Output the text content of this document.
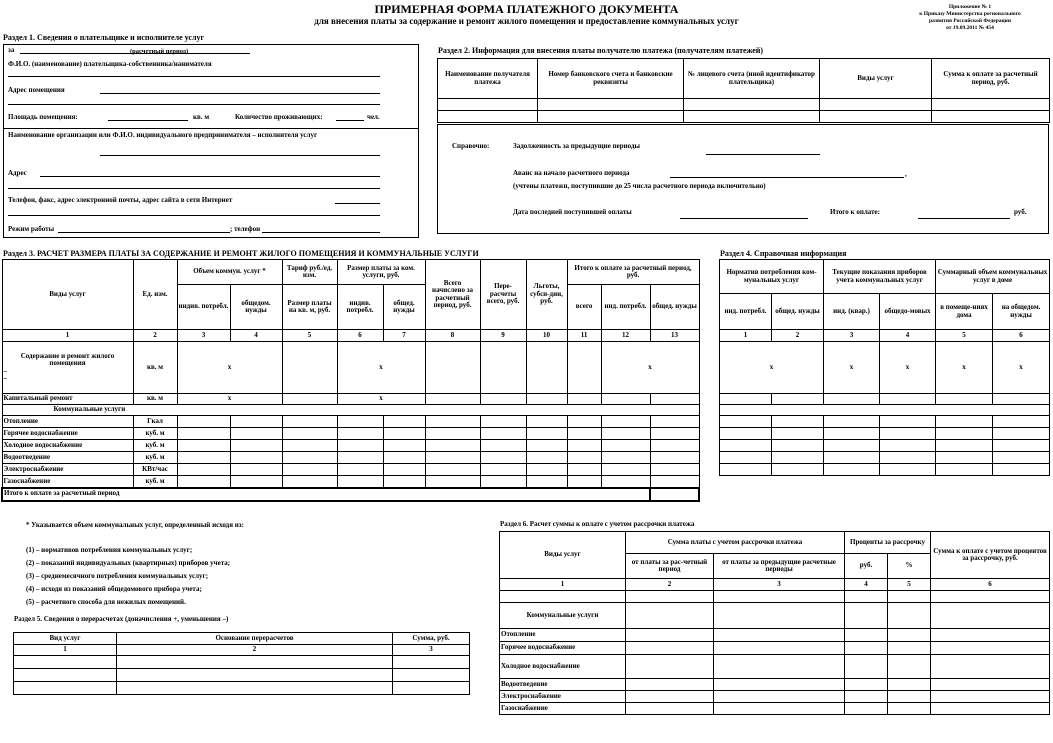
ПРИМЕРНАЯ ФОРМА ПЛАТЕЖНОГО ДОКУМЕНТА
для внесения платы за содержание и ремонт жилого помещения и предоставление коммунальных услуг
Приложение № 1
к Приказу Министерства регионального
развития Российской Федерации
от 19.09.2011 № 454
Раздел 1. Сведения о плательщике и исполнителе услуг
за	(расчетный период)
Ф.И.О. (наименование) плательщика-собственника/нанимателя
Адрес помещения
Площадь помещения:	кв. м	Количество проживающих:	чел.
Наименование организации или Ф.И.О. индивидуального предпринимателя – исполнителя услуг
Адрес
Телефон, факс, адрес электронной почты, адрес сайта в сети Интернет
Режим работы	; телефон
Раздел 2. Информация для внесения платы получателю платежа (получателям платежей)
Наименование получателя платежа	Номер банковского счета и банковские реквизиты	№ лицевого счета (иной идентификатор плательщика)	Виды услуг	Сумма к оплате за расчетный период, руб.

Справочно:	Задолженность за предыдущие периоды
Аванс на начало расчетного периода	,
(учтены платежи, поступившие до 25 числа расчетного периода включительно)
Дата последней поступившей оплаты	Итого к оплате:	руб.
Раздел 3. РАСЧЕТ РАЗМЕРА ПЛАТЫ ЗА СОДЕРЖАНИЕ И РЕМОНТ ЖИЛОГО ПОМЕЩЕНИЯ И КОММУНАЛЬНЫЕ УСЛУГИ
Виды услуг	Ед. изм.	Объем коммун. услуг *		Тариф руб./ед. изм.	Размер платы за ком. услуги, руб.		Всего начислено за расчетный период, руб.	Пере-расчеты всего, руб.	Льготы, субси-дии, руб.	Итого к оплате за расчетный период, руб.		
		индив. потребл.	общедом. нужды	Размер платы на кв. м, руб.	индив. потребл.	общед. нужды				всего	инд. потребл.	общед. нужды
1	2	3	4	5	6	7	8	9	10	11	12	13

Содержание и ремонт жилого помещения
–
–	кв. м	x			x						x	
Капитальный ремонт	кв. м	x			x							
Коммунальные услуги												
Отопление	Гкал											
Горячее водоснабжение	куб. м											
Холодное водоснабжение	куб. м											
Водоотведение	куб. м											
Электроснабжение	КВт/час											
Газоснабжение	куб. м											
Итого к оплате за расчетный период												
Раздел 4. Справочная информация
Норматив потребления ком-мунальных услуг		Текущие показания приборов учета коммунальных услуг		Суммарный объем коммунальных услуг в доме	
инд. потребл.	общед. нужды	инд. (квар.)	общедо-мовых	в помеще-ниях дома	на общедом. нужды
1	2	3	4	5	6
x		x	x	x	x

* Указывается объем коммунальных услуг, определенный исходя из:
(1) – нормативов потребления коммунальных услуг;
(2) – показаний индивидуальных (квартирных) приборов учета;
(3) – среднемесячного потребления коммунальных услуг;
(4) – исходя из показаний общедомового прибора учета;
(5) – расчетного способа для нежилых помещений.
Раздел 5. Сведения о перерасчетах (доначисления +, уменьшения –)
Вид услуг	Основание перерасчетов	Сумма, руб.
1	2	3

Раздел 6. Расчет суммы к оплате с учетом рассрочки платежа
Виды услуг	Сумма платы с учетом рассрочки платежа		Проценты за рассрочку		Сумма к оплате с учетом процентов за рассрочку, руб.
	от платы за рас-четный период	от платы за предыдущие расчетные периоды	руб.	%	
1	2	3	4	5	6

Коммунальные услуги					
Отопление					
Горячее водоснабжение					
Холодное водоснабжение					
Водоотведение					
Электроснабжение					
Газоснабжение					
